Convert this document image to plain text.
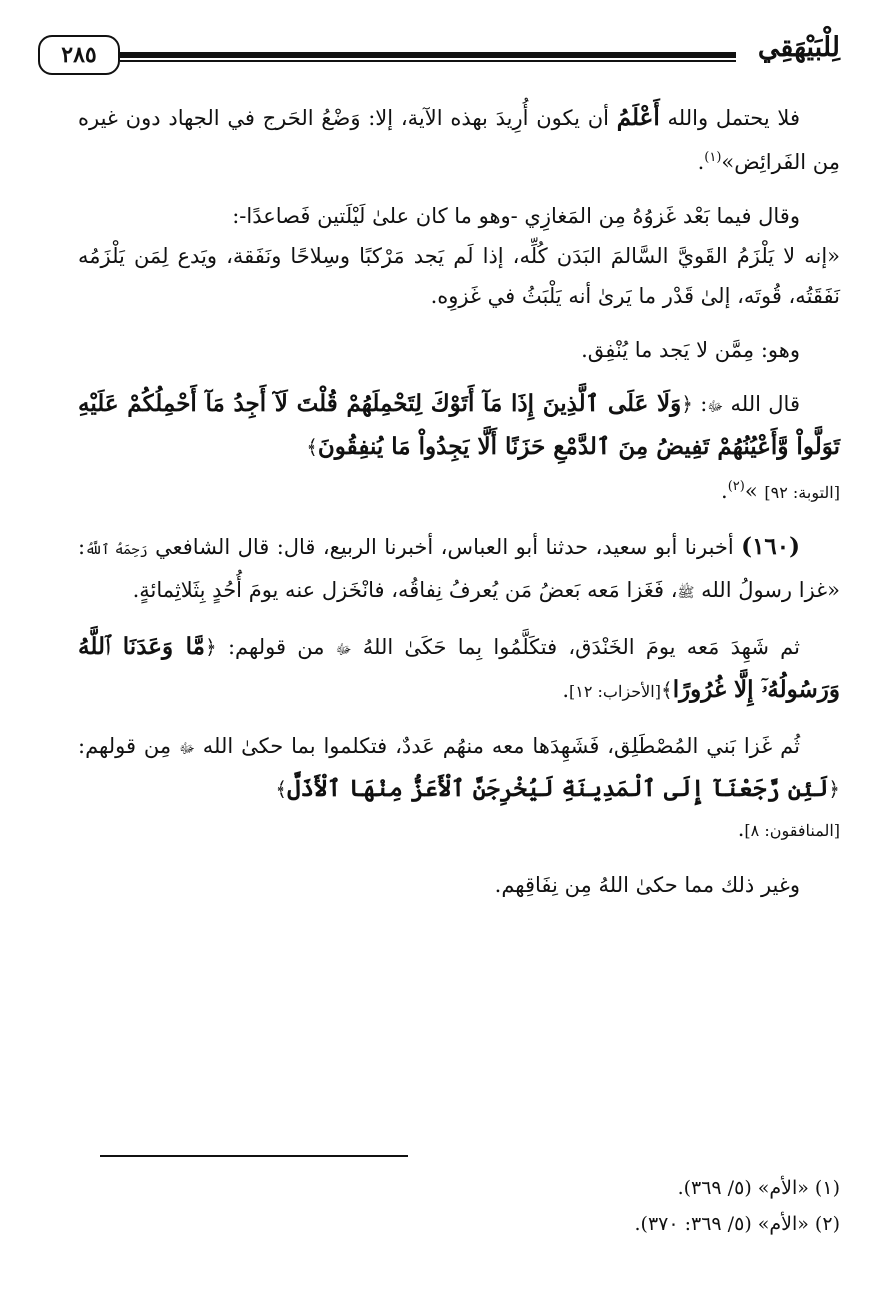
لِلْبَيْهَقِي
٢٨٥

فلا يحتمل والله أَعْلَمُ أن يكون أُرِيدَ بهذه الآية، إلا: وَضْعُ الحَرج في الجهاد دون غيره مِن الفَرائِض»$^{(١)}$.

وقال فيما بَعْد غَزوُهُ مِن المَغازِي -وهو ما كان علىٰ لَيْلَتين فَصاعدًا-:

«إنه لا يَلْزَمُ القَويَّ السَّالمَ البَدَن كُلِّه، إذا لَم يَجد مَرْكبًا وسِلاحًا ونَفَقة، ويَدع لِمَن يَلْزَمُه نَفَقَتُه، قُوتَه، إلىٰ قَدْر ما يَرىٰ أنه يَلْبَثُ في غَزوِه.

وهو: مِمَّن لا يَجد ما يُنْفِق.

قال الله ﷻ: ﴿وَلَا عَلَى ٱلَّذِينَ إِذَا مَآ أَتَوْكَ لِتَحْمِلَهُمْ قُلْتَ لَآ أَجِدُ مَآ أَحْمِلُكُمْ عَلَيْهِ تَوَلَّواْ وَّأَعْيُنُهُمْ تَفِيضُ مِنَ ٱلدَّمْعِ حَزَنًا أَلَّا يَجِدُواْ مَا يُنفِقُونَ﴾
[التوبة: ٩٢] »$^{(٢)}$.

(١٦٠) أخبرنا أبو سعيد، حدثنا أبو العباس، أخبرنا الربيع، قال: قال الشافعي رَحِمَهُ ٱللَّهُ: «غزا رسولُ الله ﷺ، فَغَزا مَعه بَعضُ مَن يُعرفُ نِفاقُه، فانْخَزل عنه يومَ أُحُدٍ بِثَلاثِمائةٍ.

ثم شَهِدَ مَعه يومَ الخَنْدَق، فتكَلَّمُوا بِما حَكَىٰ اللهُ ﷻ من قولهم: ﴿مَّا وَعَدَنَا ٱللَّهُ وَرَسُولُهُۥٓ إِلَّا غُرُورًا﴾[الأحزاب: ١٢].

ثُم غَزا بَني المُصْطَلِق، فَشَهِدَها معه منهُم عَددٌ، فتكلموا بما حكىٰ الله ﷻ مِن قولهم: ﴿لَئِن رَّجَعْنَآ إِلَى ٱلْمَدِينَةِ لَيُخْرِجَنَّ ٱلْأَعَزُّ مِنْهَا ٱلْأَذَلَّ﴾
[المنافقون: ٨].

وغير ذلك مما حكىٰ اللهُ مِن نِفَاقِهم.

(١) «الأم» (٥/ ٣٦٩).
(٢) «الأم» (٥/ ٣٦٩: ٣٧٠).
